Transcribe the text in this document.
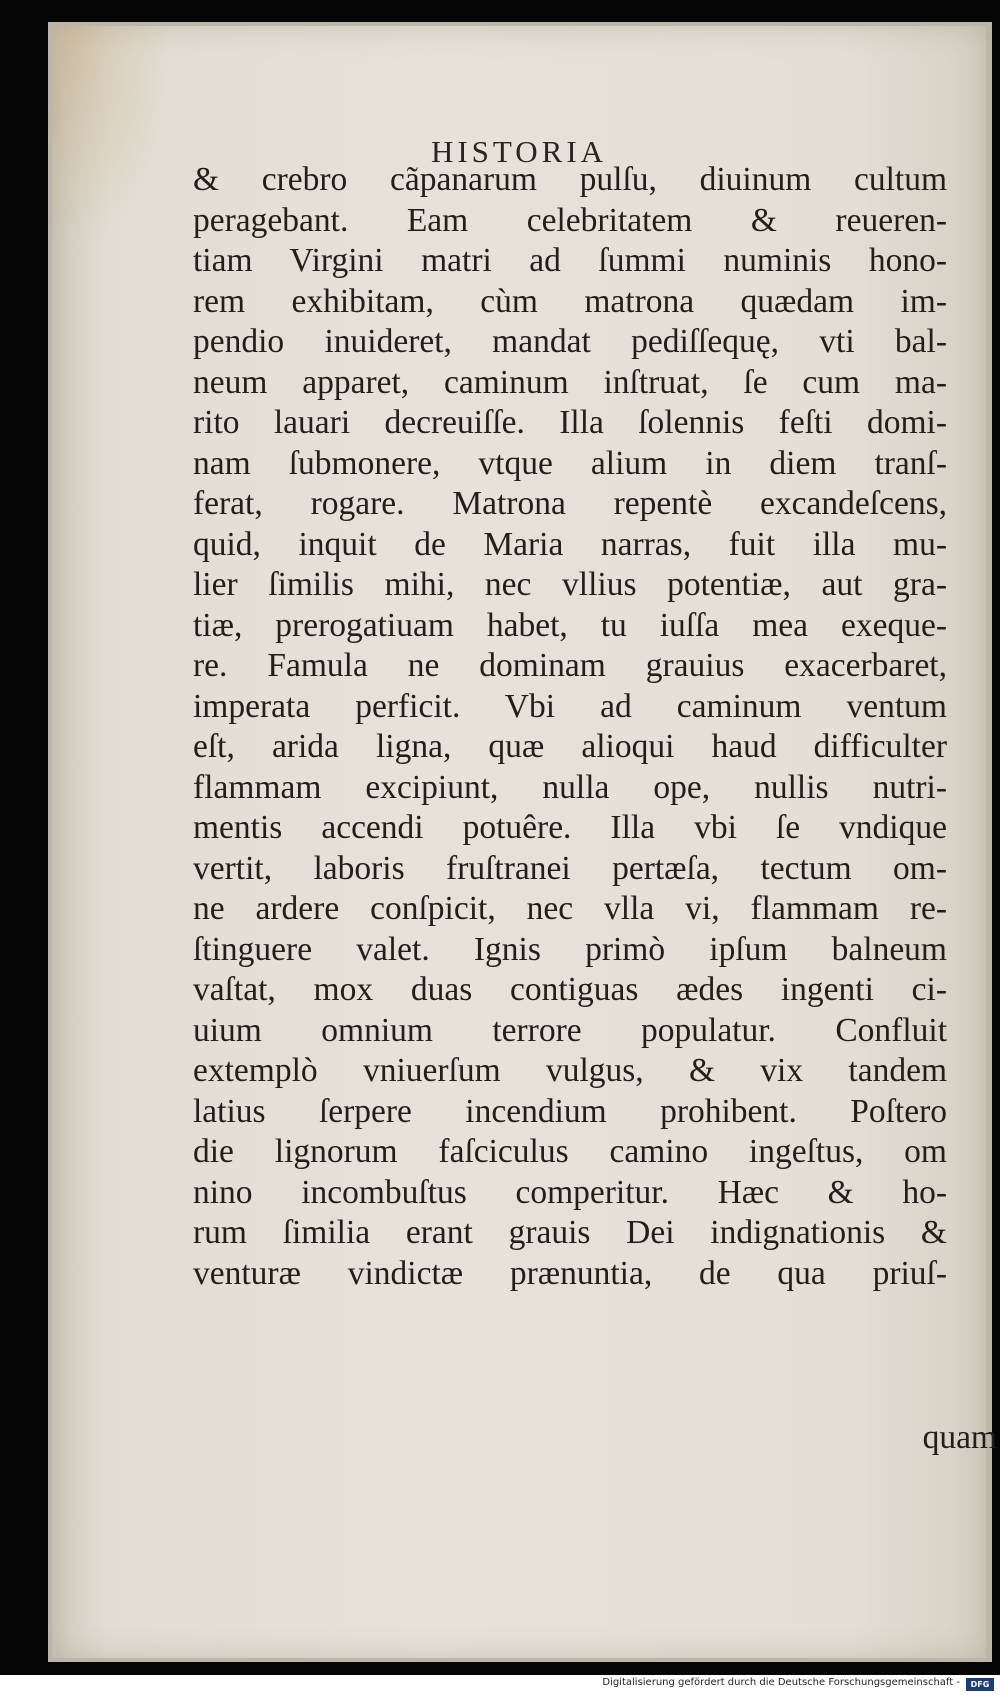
HISTORIA
quam
& crebro cãpanarum pulſu, diuinum cultum
peragebant. Eam celebritatem & reueren-
tiam Virgini matri ad ſummi numinis hono-
rem exhibitam, cùm matrona quædam im-
pendio inuideret, mandat pediſſequę, vti bal-
neum apparet, caminum inſtruat, ſe cum ma-
rito lauari decreuiſſe. Illa ſolennis feſti domi-
nam ſubmonere, vtque alium in diem tranſ-
ferat, rogare. Matrona repentè excandeſcens,
quid, inquit de Maria narras, fuit illa mu-
lier ſimilis mihi, nec vllius potentiæ, aut gra-
tiæ, prerogatiuam habet, tu iuſſa mea exeque-
re. Famula ne dominam grauius exacerbaret,
imperata perficit. Vbi ad caminum ventum
eſt, arida ligna, quæ alioqui haud difficulter
flammam excipiunt, nulla ope, nullis nutri-
mentis accendi potuêre. Illa vbi ſe vndique
vertit, laboris fruſtranei pertæſa, tectum om-
ne ardere conſpicit, nec vlla vi, flammam re-
ſtinguere valet. Ignis primò ipſum balneum
vaſtat, mox duas contiguas ædes ingenti ci-
uium omnium terrore populatur. Confluit
extemplò vniuerſum vulgus, & vix tandem
latius ſerpere incendium prohibent. Poſtero
die lignorum faſciculus camino ingeſtus, om
nino incombuſtus comperitur. Hæc & ho-
rum ſimilia erant grauis Dei indignationis &
venturæ vindictæ prænuntia, de qua priuſ-
Digitalisierung gefördert durch die Deutsche Forschungsgemeinschaft -	DFG
